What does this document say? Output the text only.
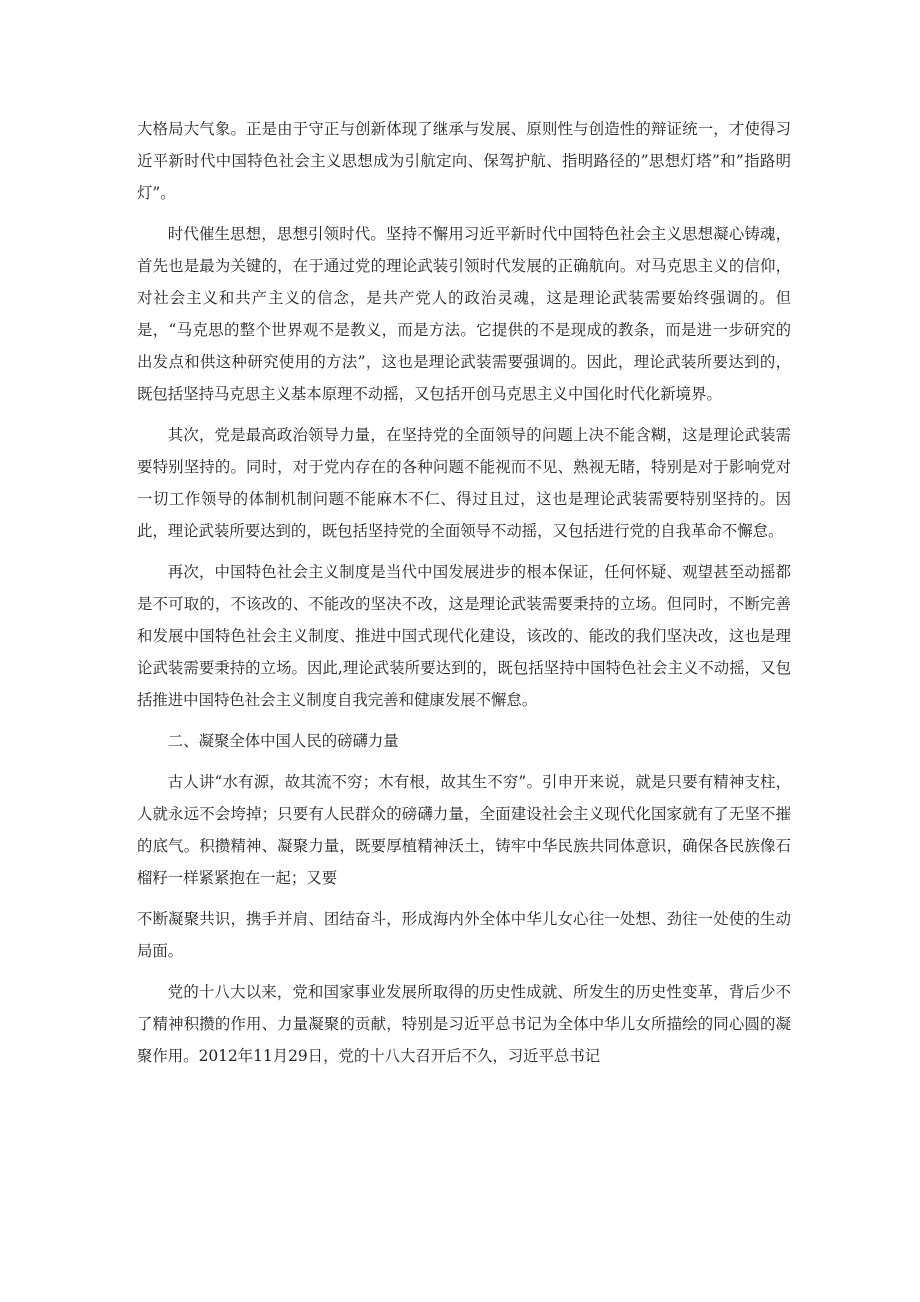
大格局大气象。正是由于守正与创新体现了继承与发展、原则性与创造性的辩证统一，才使得习近平新时代中国特色社会主义思想成为引航定向、保驾护航、指明路径的”思想灯塔”和”指路明灯”。

时代催生思想，思想引领时代。坚持不懈用习近平新时代中国特色社会主义思想凝心铸魂，首先也是最为关键的，在于通过党的理论武装引领时代发展的正确航向。对马克思主义的信仰，对社会主义和共产主义的信念，是共产党人的政治灵魂，这是理论武装需要始终强调的。但是，“马克思的整个世界观不是教义，而是方法。它提供的不是现成的教条，而是进一步研究的出发点和供这种研究使用的方法”，这也是理论武装需要强调的。因此，理论武装所要达到的，既包括坚持马克思主义基本原理不动摇，又包括开创马克思主义中国化时代化新境界。

其次，党是最高政治领导力量，在坚持党的全面领导的问题上决不能含糊，这是理论武装需要特别坚持的。同时，对于党内存在的各种问题不能视而不见、熟视无睹，特别是对于影响党对一切工作领导的体制机制问题不能麻木不仁、得过且过，这也是理论武装需要特别坚持的。因此，理论武装所要达到的，既包括坚持党的全面领导不动摇，又包括进行党的自我革命不懈怠。

再次，中国特色社会主义制度是当代中国发展进步的根本保证，任何怀疑、观望甚至动摇都是不可取的，不该改的、不能改的坚决不改，这是理论武装需要秉持的立场。但同时，不断完善和发展中国特色社会主义制度、推进中国式现代化建设，该改的、能改的我们坚决改，这也是理论武装需要秉持的立场。因此,理论武装所要达到的，既包括坚持中国特色社会主义不动摇，又包括推进中国特色社会主义制度自我完善和健康发展不懈怠。

二、凝聚全体中国人民的磅礴力量

古人讲“水有源，故其流不穷；木有根，故其生不穷”。引申开来说，就是只要有精神支柱，人就永远不会垮掉；只要有人民群众的磅礴力量，全面建设社会主义现代化国家就有了无坚不摧的底气。积攒精神、凝聚力量，既要厚植精神沃土，铸牢中华民族共同体意识，确保各民族像石榴籽一样紧紧抱在一起；又要

不断凝聚共识，携手并肩、团结奋斗，形成海内外全体中华儿女心往一处想、劲往一处使的生动局面。

党的十八大以来，党和国家事业发展所取得的历史性成就、所发生的历史性变革，背后少不了精神积攒的作用、力量凝聚的贡献，特别是习近平总书记为全体中华儿女所描绘的同心圆的凝聚作用。2012年11月29日，党的十八大召开后不久，习近平总书记
